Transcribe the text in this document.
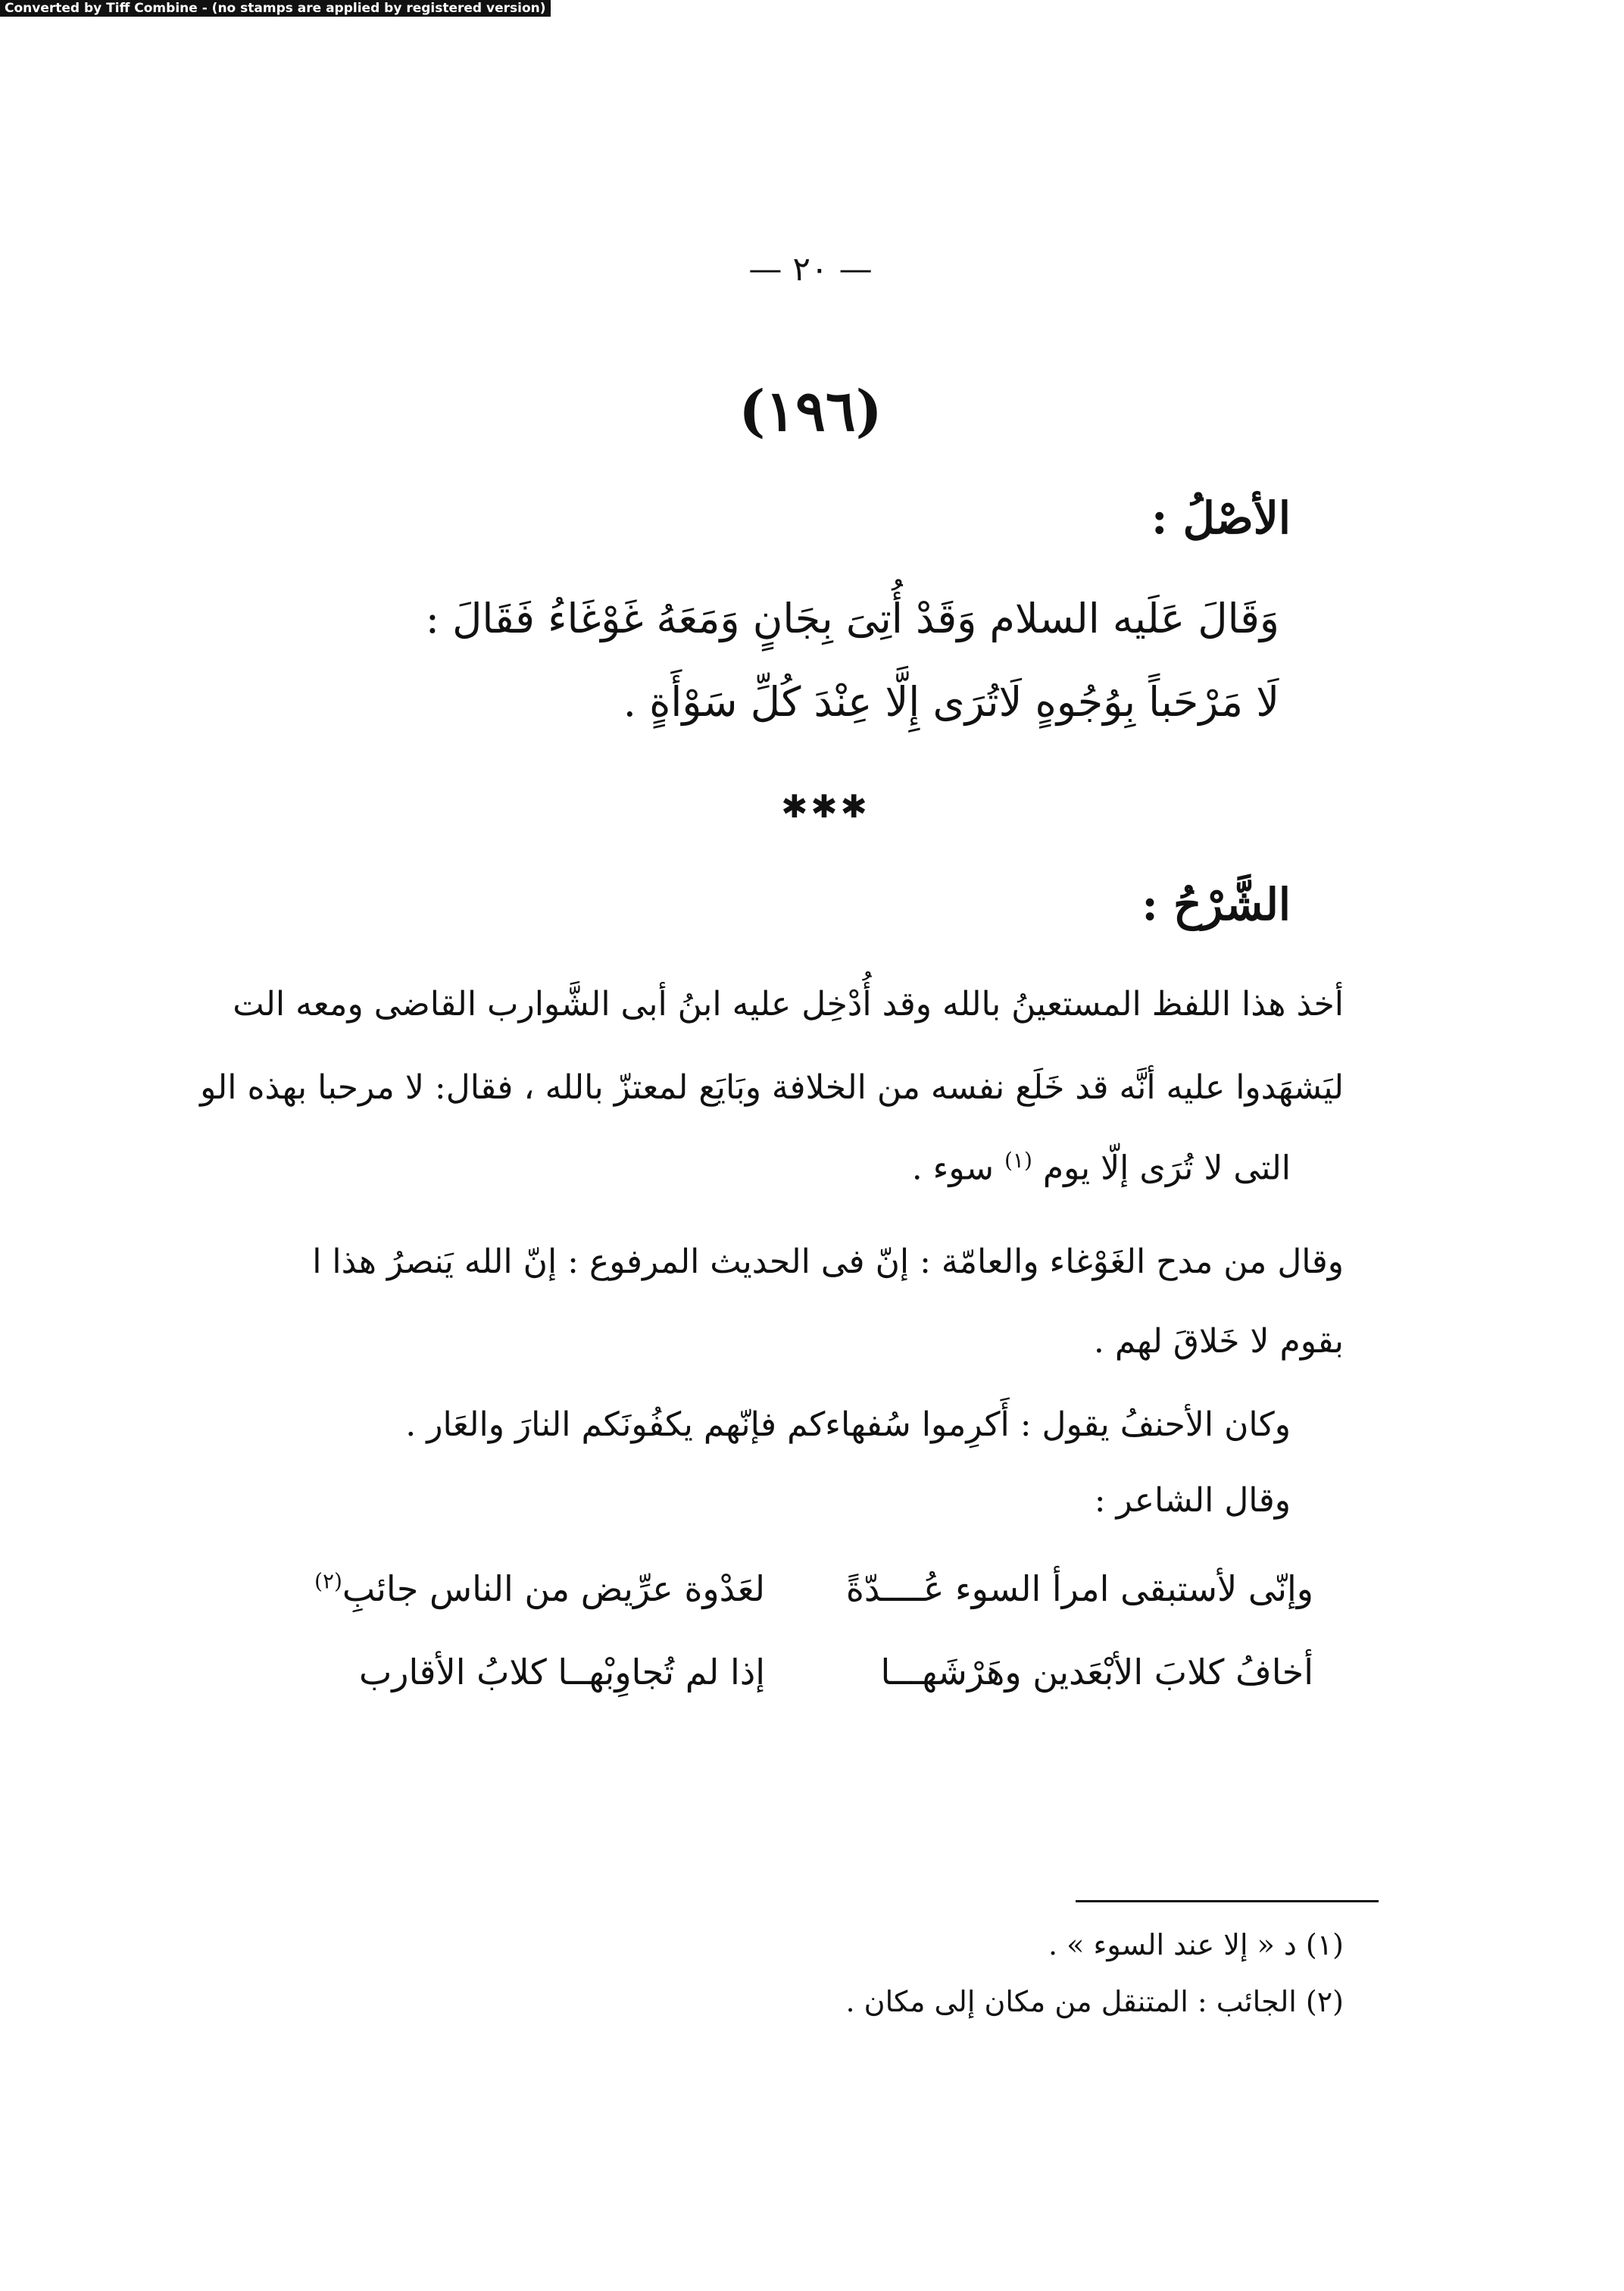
Converted by Tiff Combine - (no stamps are applied by registered version)
— ٢٠ —
(١٩٦)
الأصْلُ :
وَقَالَ عَلَيه السلام وَقَدْ أُتِىَ بِجَانٍ وَمَعَهُ غَوْغَاءُ فَقَالَ :
لَا مَرْحَباً بِوُجُوهٍ لَاتُرَى إِلَّا عِنْدَ كُلِّ سَوْأَةٍ .
✱✱✱
الشَّرْحُ :
أخذ هذا اللفظ المستعينُ بالله وقد أُدْخِل عليه ابنُ أبى الشَّوارب القاضى ومعه الت
ليَشهَدوا عليه أنَّه قد خَلَع نفسه من الخلافة وبَايَع لمعتزّ بالله ، فقال: لا مرحبا بهذه الو
التى لا تُرَى إلّا يوم $^{(١)}$ سوء .
وقال من مدح الغَوْغاء والعامّة : إنّ فى الحديث المرفوع : إنّ الله يَنصرُ هذا ا
بقوم لا خَلاقَ لهم .
وكان الأحنفُ يقول : أَكرِموا سُفهاءكم فإنّهم يكفُونَكم النارَ والعَار .
وقال الشاعر :
وإنّى لأستبقى امرأ السوء عُــــدّةً
لعَدْوة عرِّيض من الناس جائبِ$^{(٢)}$
أخافُ كلابَ الأبْعَدين وهَرْشَهـــا
إذا لم تُجاوِبْهــا كلابُ الأقارب
(١) د « إلا عند السوء » .
(٢) الجائب : المتنقل من مكان إلى مكان .
